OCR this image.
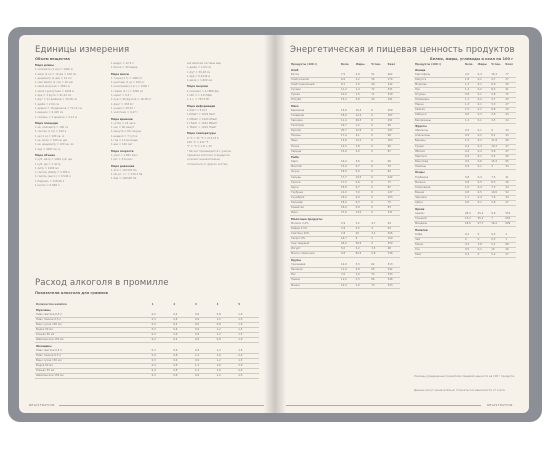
Единицы измерения
Объем вещества
Мера длины
1 километр (1 км) = 1000 м
1 метр (1 м) = 10 дм = 100 см
1 дециметр (1 дм) = 10 см
1 сантиметр (1 см) = 10 мм
1 миля морская = 1852 м
1 миля сухопутная = 1609 м
1 ярд = 3 фута = 91,44 см
1 фут = 12 дюймов = 30,48 см
1 дюйм = 2,54 см
1 аршин = 16 вершков = 71,12 см
1 вершок = 4,445 см
1 сажень = 3 аршина = 2,13 м
Мера площади
1 кв. километр = 100 га
1 гектар (1 га) = 100 а
1 ар (1 а) = 100 кв. м
1 кв. метр = 100 кв. дм
1 кв. дециметр = 100 кв. см
1 акр = 4047 кв. м
Мера объема
1 куб. метр = 1000 куб. дм
1 куб. дм = 1 литр
1 литр = 1000 мл
1 галлон (США) = 3,785 л
1 галлон (англ.) = 4,546 л
1 баррель = 158,99 л
1 пинта = 0,568 л
1 ведро = 12,3 л
1 бочка = 40 ведер
Мера массы
1 тонна (1 т) = 1000 кг
1 центнер (1 ц) = 100 кг
1 килограмм (1 кг) = 1000 г
1 грамм (1 г) = 1000 мг
1 карат = 0,2 г
1 пуд = 40 фунтов = 16,38 кг
1 фунт = 453,6 г
1 унция = 28,35 г
1 золотник = 4,27 г
Мера времени
1 сутки = 24 часа
1 час = 60 минут
1 минута = 60 секунд
1 неделя = 7 суток
1 год = 12 месяцев
1 век = 100 лет
Мера скорости
1 узел = 1,852 км/ч
1 м/с = 3,6 км/ч
Мера давления
1 атм = 101325 Па
1 мм рт. ст. = 133,3 Па
1 бар = 100000 Па
Английская система мер
1 дюйм = 2,54 см
1 фут = 30,48 см
1 ярд = 0,9144 м
1 миля = 1,609 км
Мера энергии
1 калория = 4,1868 Дж
1 кВт·ч = 3,6 МДж
1 л.с. = 735,5 Вт
Мера информации
1 байт = 8 бит
1 Кбайт = 1024 байт
1 Мбайт = 1024 Кбайт
1 Гбайт = 1024 Мбайт
1 Тбайт = 1024 Гбайт
Мера температуры
0 °C = 32 °F = 273,15 K
100 °C = 212 °F
°F = °C × 1,8 + 32
* Расчет производится с учетом
принятых в России стандартов
и может незначительно
отличаться от других систем
Расход алкоголя в промилле
Показатели алкоголя для граммов
Количество напитка	1	2	3	4	5
Мужчины					
Пиво светлое 0,5 л	0,2	0,4	0,6	0,8	1,0
Пиво темное 0,5 л	0,3	0,6	0,9	1,2	1,5
Вино сухое 150 мл	0,2	0,4	0,6	0,8	1,0
Водка 50 мл	0,3	0,6	0,9	1,2	1,5
Коньяк 50 мл	0,3	0,6	0,9	1,2	1,5
Шампанское 150 мл	0,2	0,4	0,6	0,8	1,0
Женщины					
Пиво светлое 0,5 л	0,3	0,6	0,9	1,2	1,5
Пиво темное 0,5 л	0,4	0,8	1,2	1,6	2,0
Вино сухое 150 мл	0,3	0,6	0,9	1,2	1,5
Водка 50 мл	0,4	0,8	1,2	1,6	2,0
Коньяк 50 мл	0,4	0,8	1,2	1,6	2,0
Шампанское 150 мл	0,3	0,6	0,9	1,2	1,5
REGISTRATION
Энергетическая и пищевая ценность продуктов
Белки, жиры, углеводы и ккал на 100 г
Продукты (100 г)	Белк.	Жиры	Углев.	Ккал
Хлеб				
Батон	7,5	2,9	51	262
Хлеб ржаной	6,6	1,2	34	174
Хлеб пшеничный	8,1	1,0	49	242
Сухари	11,2	1,4	72	331
Сушки	10,0	1,5	71	339
Отруби	15,1	3,8	24	191
Мясо				
Баранина	15,6	16,3	0	209
Говядина	18,9	12,4	0	187
Свинина	11,4	49,3	0	491
Телятина	19,7	1,2	0	90
Кролик	20,7	12,9	0	197
Печень	17,4	3,1	0	98
Язык	13,6	12,1	0	163
Почки	12,5	1,8	0	66
Сердце	15,0	3,0	0	87
Рыба				
Карп	16,0	3,6	0	96
Минтай	15,9	0,7	0	70
Окунь	18,5	0,9	0	82
Сельдь	17,7	19,5	0	242
Треска	17,5	0,6	0	75
Щука	18,8	0,7	0	82
Горбуша	21,0	7,0	0	147
Скумбрия	18,0	9,0	0	153
Кальмар	18,0	0,3	0	75
Креветки	18,0	0,8	0	83
Икра	27,0	13,0	0	231
Молочные продукты				
Молоко 3,2%	2,9	3,2	4,7	59
Кефир 2,5%	2,9	2,5	4	50
Сметана 20%	2,8	20	3,2	206
Творог 9%	16,7	9	2	159
Сыр твердый	26,0	26,5	0	350
Йогурт	5,0	3,2	3,5	68
Масло сливочное	0,8	82,5	0,8	748
Крупы				
Гречневая	12,6	3,3	62	313
Овсяная	11,9	5,8	65	342
Рис	7,0	1,0	74	333
Пшено	11,5	3,3	66	348
Манка	10,3	1,0	73	333
Продукты (100 г)	Белк.	Жиры	Углев.	Ккал
Овощи				
Картофель	2,0	0,4	16,3	77
Капуста	1,8	0,1	4,7	27
Морковь	1,3	0,1	6,9	35
Лук	1,4	0,2	8,2	41
Огурцы	0,8	0,1	2,8	15
Помидоры	1,1	0,2	3,7	20
Перец	1,3	0,1	5,3	27
Свекла	1,5	0,1	8,8	40
Кабачки	0,6	0,3	4,6	24
Баклажаны	1,2	0,1	4,5	24
Фрукты				
Абрикосы	0,9	0,1	9	44
Апельсины	0,9	0,2	8,1	43
Бананы	1,5	0,2	21,8	96
Груши	0,4	0,3	10,3	47
Яблоки	0,4	0,4	9,8	47
Персики	0,9	0,1	9,5	45
Виноград	0,6	0,6	15,4	65
Лимоны	0,9	0,1	3	34
Ягоды				
Клубника	0,8	0,4	7,5	41
Малина	0,8	0,5	8,3	46
Смородина	1,0	0,4	7,3	44
Вишня	0,8	0,5	10,6	52
Черника	1,1	0,4	7,6	44
Арбуз	0,6	0,1	5,8	27
Орехи				
Арахис	26,3	45,2	9,9	552
Грецкий	15,2	65,2	7	654
Миндаль	18,6	57,7	16,2	609
Напитки				
Кофе	0,2	0	0,3	2
Чай	0	0	0,3	1
Какао	3,2	3,8	5,1	68
Сок	0,5	0,1	10	46
Квас	0,2	0	5,2	27
Указаны усредненные показатели пищевой ценности на 100 г продукта.
Данные могут незначительно отличаться в зависимости от сорта.
REGISTRATION
